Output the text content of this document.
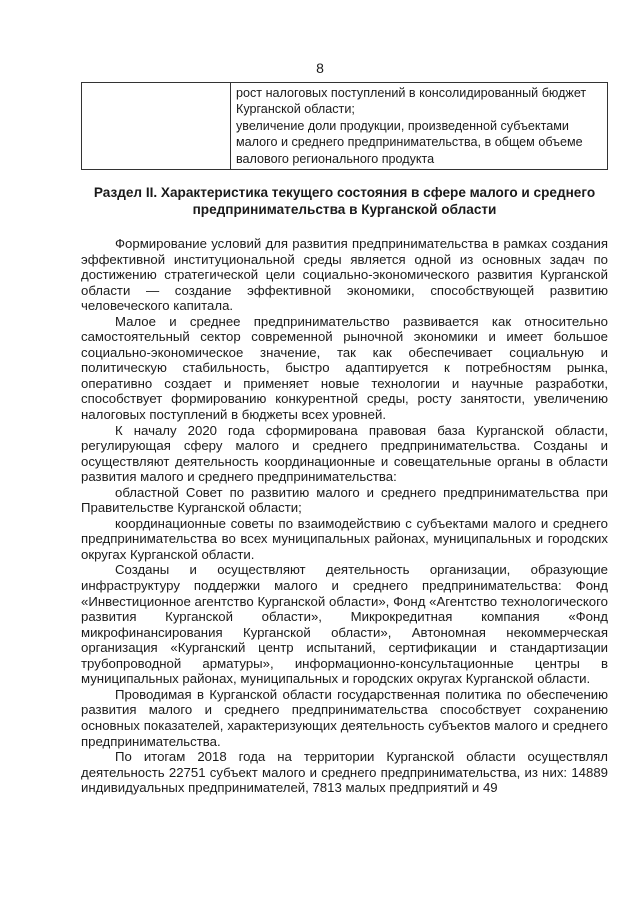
8

рост налоговых поступлений в консолидированный бюджет Курганской области;
увеличение доли продукции, произведенной субъектами малого и среднего предпринимательства, в общем объеме валового регионального продукта
Раздел II. Характеристика текущего состояния в сфере малого и среднего предпринимательства в Курганской области

Формирование условий для развития предпринимательства в рамках создания эффективной институциональной среды является одной из основных задач по достижению стратегической цели социально-экономического развития Курганской области — создание эффективной экономики, способствующей развитию человеческого капитала.

Малое и среднее предпринимательство развивается как относительно самостоятельный сектор современной рыночной экономики и имеет большое социально-экономическое значение, так как обеспечивает социальную и политическую стабильность, быстро адаптируется к потребностям рынка, оперативно создает и применяет новые технологии и научные разработки, способствует формированию конкурентной среды, росту занятости, увеличению налоговых поступлений в бюджеты всех уровней.

К началу 2020 года сформирована правовая база Курганской области, регулирующая сферу малого и среднего предпринимательства. Созданы и осуществляют деятельность координационные и совещательные органы в области развития малого и среднего предпринимательства:

областной Совет по развитию малого и среднего предпринимательства при Правительстве Курганской области;

координационные советы по взаимодействию с субъектами малого и среднего предпринимательства во всех муниципальных районах, муниципальных и городских округах Курганской области.

Созданы и осуществляют деятельность организации, образующие инфраструктуру поддержки малого и среднего предпринимательства: Фонд «Инвестиционное агентство Курганской области», Фонд «Агентство технологического развития Курганской области», Микрокредитная компания «Фонд микрофинансирования Курганской области», Автономная некоммерческая организация «Курганский центр испытаний, сертификации и стандартизации трубопроводной арматуры», информационно-консультационные центры в муниципальных районах, муниципальных и городских округах Курганской области.

Проводимая в Курганской области государственная политика по обеспечению развития малого и среднего предпринимательства способствует сохранению основных показателей, характеризующих деятельность субъектов малого и среднего предпринимательства.

По итогам 2018 года на территории Курганской области осуществлял деятельность 22751 субъект малого и среднего предпринимательства, из них: 14889 индивидуальных предпринимателей, 7813 малых предприятий и 49
